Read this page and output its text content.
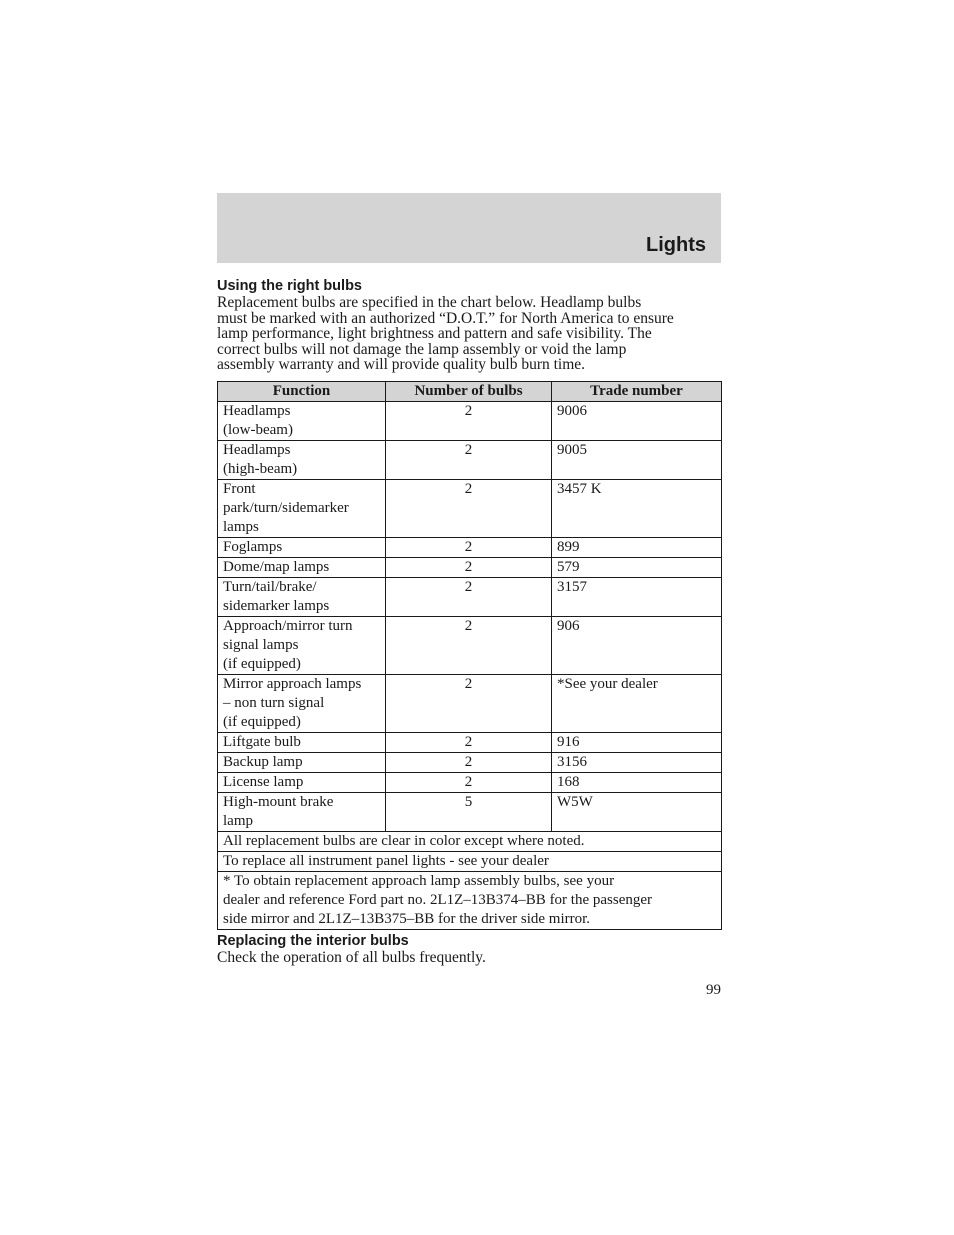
Lights

Using the right bulbs

Replacement bulbs are specified in the chart below. Headlamp bulbs
must be marked with an authorized “D.O.T.” for North America to ensure
lamp performance, light brightness and pattern and safe visibility. The
correct bulbs will not damage the lamp assembly or void the lamp
assembly warranty and will provide quality bulb burn time.
Function	Number of bulbs	Trade number

Headlamps
(low-beam)	2	9006

Headlamps
(high-beam)	2	9005

Front
park/turn/sidemarker
lamps	2	3457 K

Foglamps	2	899

Dome/map lamps	2	579

Turn/tail/brake/
sidemarker lamps	2	3157

Approach/mirror turn
signal lamps
(if equipped)	2	906

Mirror approach lamps
– non turn signal
(if equipped)	2	*See your dealer

Liftgate bulb	2	916

Backup lamp	2	3156

License lamp	2	168

High-mount brake
lamp	5	W5W

All replacement bulbs are clear in color except where noted.		

To replace all instrument panel lights - see your dealer		

* To obtain replacement approach lamp assembly bulbs, see your
dealer and reference Ford part no. 2L1Z–13B374–BB for the passenger
side mirror and 2L1Z–13B375–BB for the driver side mirror.		

Replacing the interior bulbs

Check the operation of all bulbs frequently.

99
